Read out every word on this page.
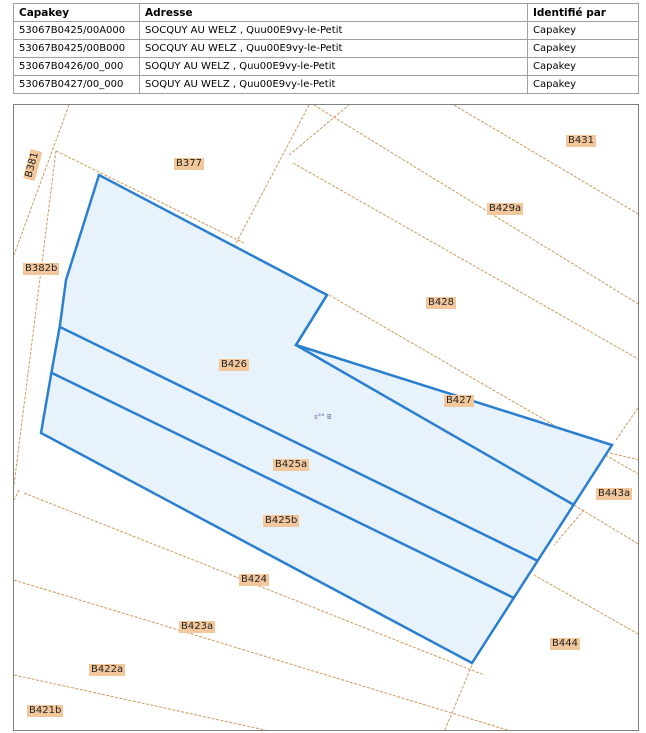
Capakey	Adresse	Identifié par
53067B0425/00A000	SOCQUY AU WELZ , Quu00E9vy-le-Petit	Capakey
53067B0425/00B000	SOCQUY AU WELZ , Quu00E9vy-le-Petit	Capakey
53067B0426/00_000	SOQUY AU WELZ , Quu00E9vy-le-Petit	Capakey
53067B0427/00_000	SOQUY AU WELZ , Quu00E9vy-le-Petit	Capakey
B381	B377
B431
B429a
B382b
B428
B426
B427
s°° B
B425a
B443a
B425b
B424
B423a
B444
B422a
B421b
